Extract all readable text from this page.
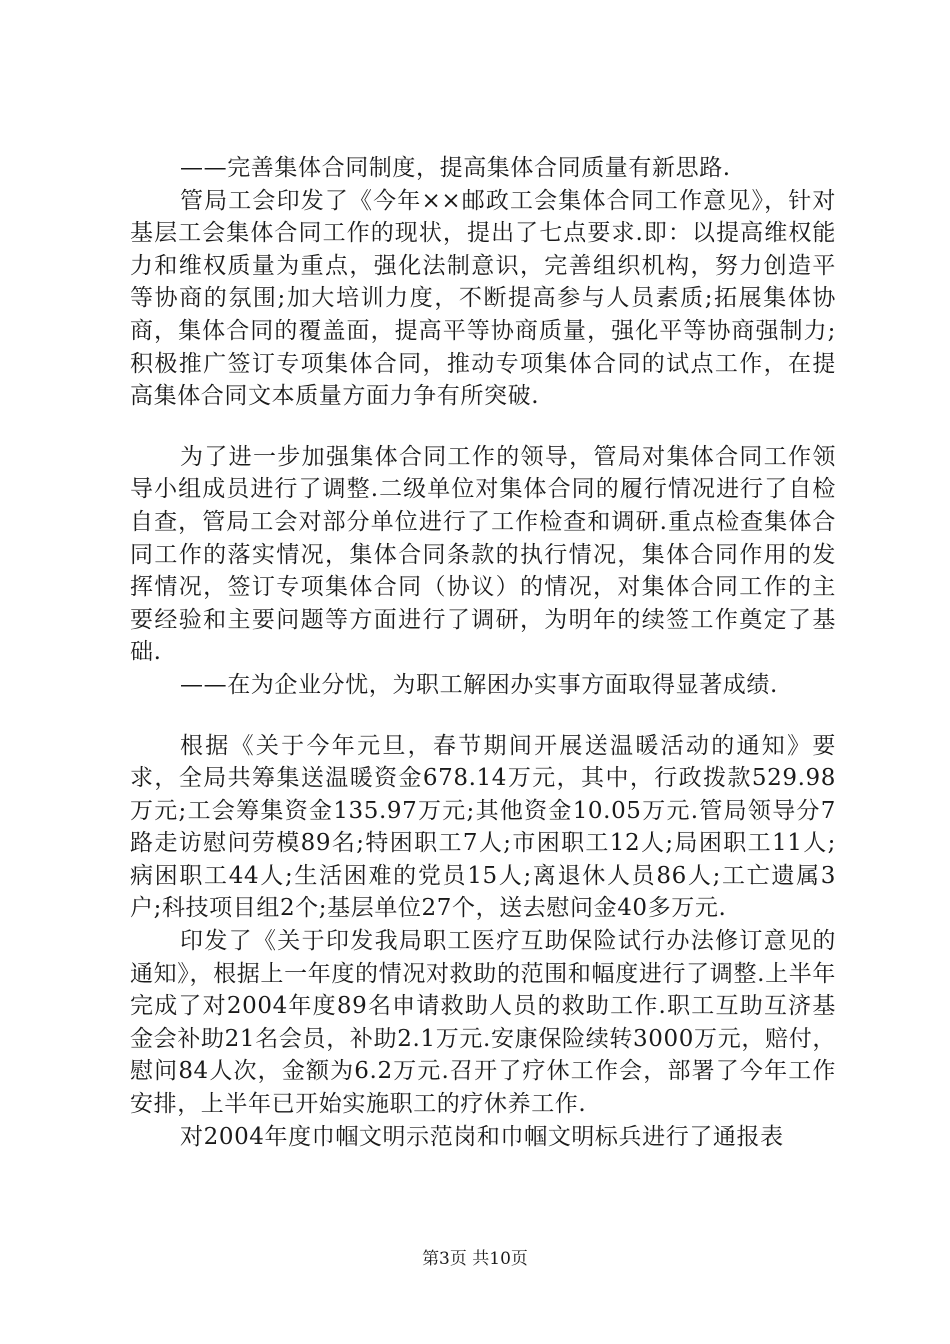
——完善集体合同制度，提高集体合同质量有新思路.

管局工会印发了《今年××邮政工会集体合同工作意见》，针对基层工会集体合同工作的现状，提出了七点要求.即：以提高维权能力和维权质量为重点，强化法制意识，完善组织机构，努力创造平等协商的氛围;加大培训力度，不断提高参与人员素质;拓展集体协商，集体合同的覆盖面，提高平等协商质量，强化平等协商强制力;积极推广签订专项集体合同，推动专项集体合同的试点工作，在提高集体合同文本质量方面力争有所突破.

为了进一步加强集体合同工作的领导，管局对集体合同工作领导小组成员进行了调整.二级单位对集体合同的履行情况进行了自检自查，管局工会对部分单位进行了工作检查和调研.重点检查集体合同工作的落实情况，集体合同条款的执行情况，集体合同作用的发挥情况，签订专项集体合同（协议）的情况，对集体合同工作的主要经验和主要问题等方面进行了调研，为明年的续签工作奠定了基础.

——在为企业分忧，为职工解困办实事方面取得显著成绩.

根据《关于今年元旦，春节期间开展送温暖活动的通知》要求，全局共筹集送温暖资金678.14万元，其中，行政拨款529.98万元;工会筹集资金135.97万元;其他资金10.05万元.管局领导分7路走访慰问劳模89名;特困职工7人;市困职工12人;局困职工11人;病困职工44人;生活困难的党员15人;离退休人员86人;工亡遗属3户;科技项目组2个;基层单位27个，送去慰问金40多万元.

印发了《关于印发我局职工医疗互助保险试行办法修订意见的通知》，根据上一年度的情况对救助的范围和幅度进行了调整.上半年完成了对2004年度89名申请救助人员的救助工作.职工互助互济基金会补助21名会员，补助2.1万元.安康保险续转3000万元，赔付，慰问84人次，金额为6.2万元.召开了疗休工作会，部署了今年工作安排，上半年已开始实施职工的疗休养工作.

对2004年度巾帼文明示范岗和巾帼文明标兵进行了通报表

第3页 共10页
